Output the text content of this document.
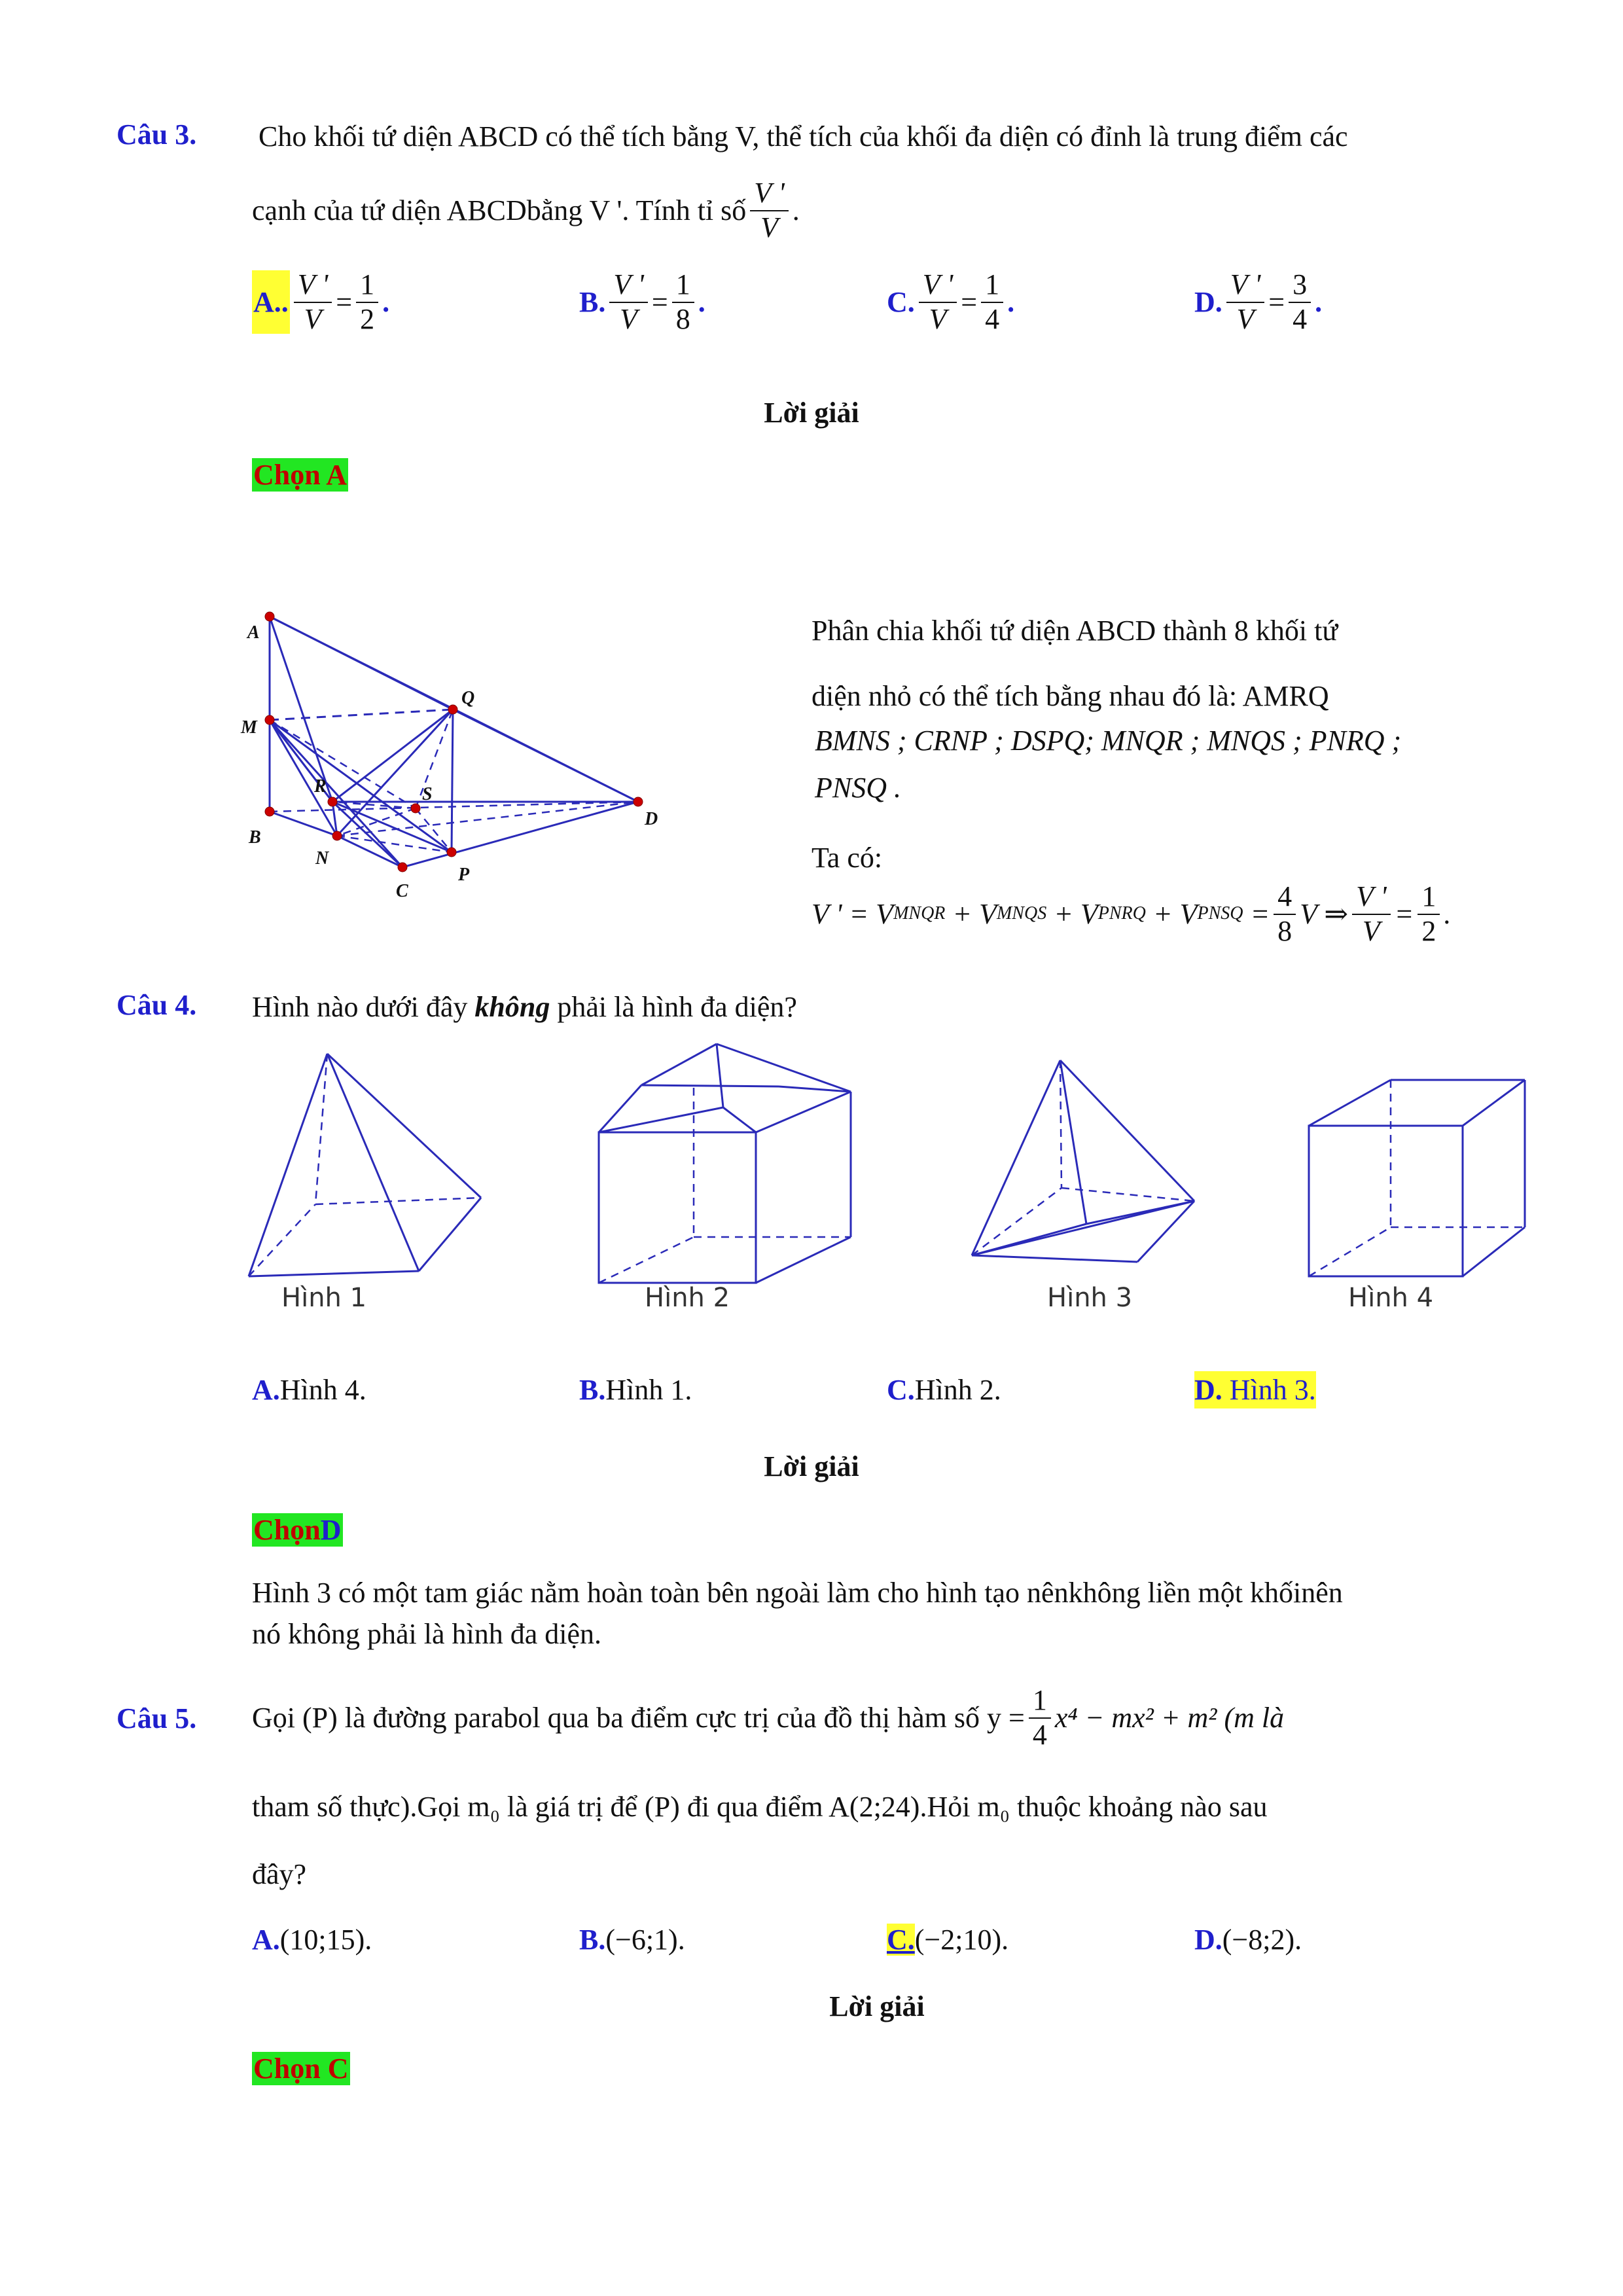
Câu 3. Cho khối tứ diện ABCD có thể tích bằng V, thể tích của khối đa diện có đỉnh là trung điểm các
cạnh của tứ diện ABCDbằng V '. Tính tỉ số $\frac{V '}{V}$ .
A.. $\frac{V '}{V} = \frac{1}{2}$ .	B. $\frac{V '}{V} = \frac{1}{8}$ .	C. $\frac{V '}{V} = \frac{1}{4}$ .	D. $\frac{V '}{V} = \frac{3}{4}$ .
Lời giải
Chọn A
A
M
Q
R	S
D
B
N
P
C
Phân chia khối tứ diện ABCD thành 8 khối tứ
diện nhỏ có thể tích bằng nhau đó là: AMRQ
BMNS ; CRNP ; DSPQ; MNQR ; MNQS ; PNRQ ;
PNSQ .
Ta có:
V ' = V MNQR + V MNQS + V PNRQ + V PNSQ = $\frac{4}{8}$ V ⇒ $\frac{V '}{V} = \frac{1}{2}$ .
Câu 4. Hình nào dưới đây không phải là hình đa diện?
Hình 1	Hình 2	Hình 3	Hình 4
A.Hình 4.	B.Hình 1.	C.Hình 2.	D. Hình 3.
Lời giải
ChọnD
Hình 3 có một tam giác nằm hoàn toàn bên ngoài làm cho hình tạo nênkhông liền một khốinên
nó không phải là hình đa diện.
Câu 5. Gọi (P) là đường parabol qua ba điểm cực trị của đồ thị hàm số $y = \frac{1}{4} x^4 - mx^2 + m^2$ (m là
tham số thực).Gọi m₀ là giá trị để (P) đi qua điểm A(2;24).Hỏi m₀ thuộc khoảng nào sau
đây?
A.(10;15).	B.(−6;1).	C.(−2;10).	D.(−8;2).
Lời giải
Chọn C
